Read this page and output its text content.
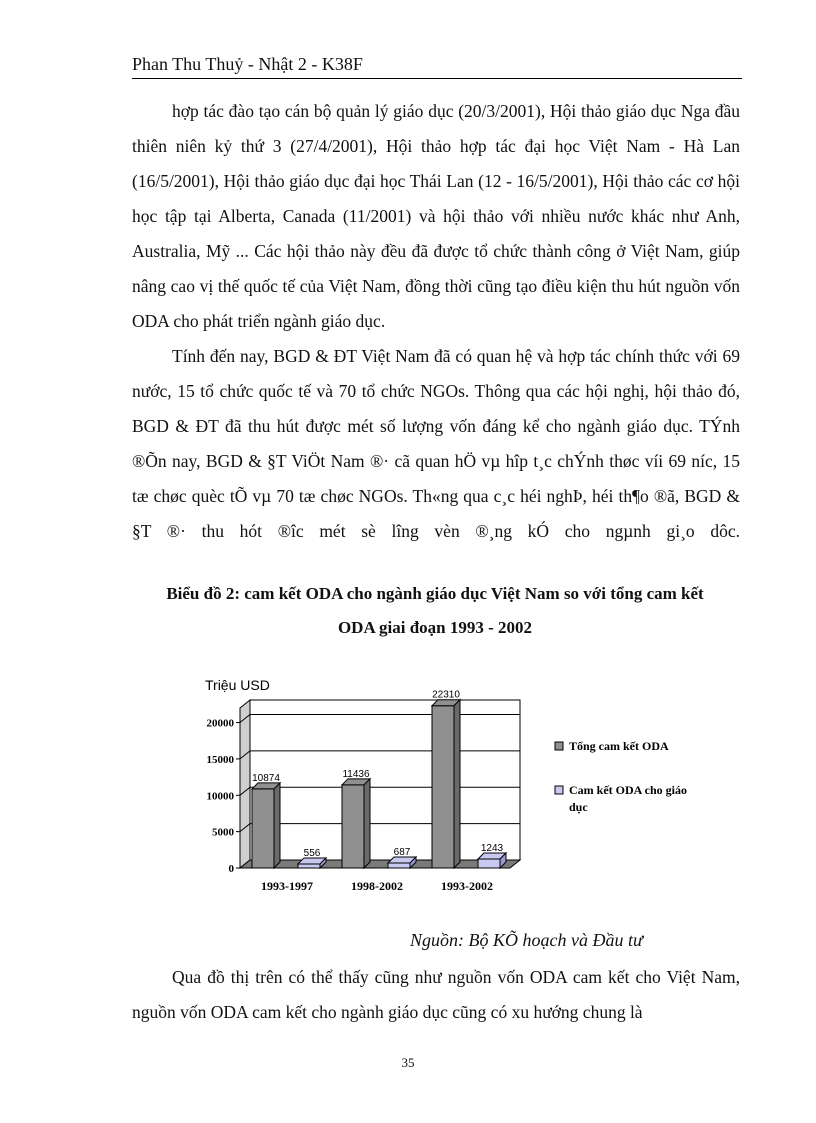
Phan Thu Thuỷ - Nhật 2 - K38F

hợp tác đào tạo cán bộ quản lý giáo dục (20/3/2001), Hội thảo giáo dục Nga đầu thiên niên kỷ thứ 3 (27/4/2001), Hội thảo hợp tác đại học Việt Nam - Hà Lan (16/5/2001), Hội thảo giáo dục đại học Thái Lan (12 - 16/5/2001), Hội thảo các cơ hội học tập tại Alberta, Canada (11/2001) và hội thảo với nhiều nước khác như Anh, Australia, Mỹ ... Các hội thảo này đều đã được tổ chức thành công ở Việt Nam, giúp nâng cao vị thế quốc tế của Việt Nam, đồng thời cũng tạo điều kiện thu hút nguồn vốn ODA cho phát triển ngành giáo dục.

Tính đến nay, BGD & ĐT Việt Nam đã có quan hệ và hợp tác chính thức với 69 nước, 15 tổ chức quốc tế và 70 tổ chức NGOs. Thông qua các hội nghị, hội thảo đó, BGD & ĐT đã thu hút được mét số lượng vốn đáng kể cho ngành giáo dục. TÝnh ®Õn nay, BGD & §T ViÖt Nam ®· cã quan hÖ vµ hîp t¸c chÝnh thøc víi 69 níc, 15 tæ chøc quèc tÕ vµ 70 tæ chøc NGOs. Th«ng qua c¸c héi nghÞ, héi th¶o ®ã, BGD & §T ®· thu hót ®îc mét sè lîng vèn ®¸ng kÓ cho ngµnh gi¸o dôc.

Biểu đồ 2: cam kết ODA cho ngành giáo dục Việt Nam so với tổng cam kết
ODA giai đoạn 1993 - 2002
0
5000
10000
15000
20000
Triệu USD
10874
556
1993-1997
11436
687
1998-2002
22310
1243
1993-2002
Tổng cam kết ODA
Cam kết ODA cho giáo dục
Nguồn: Bộ KÕ hoạch và Đầu tư

Qua đồ thị trên có thể thấy cũng như nguồn vốn ODA cam kết cho Việt Nam, nguồn vốn ODA cam kết cho ngành giáo dục cũng có xu hướng chung là

35
